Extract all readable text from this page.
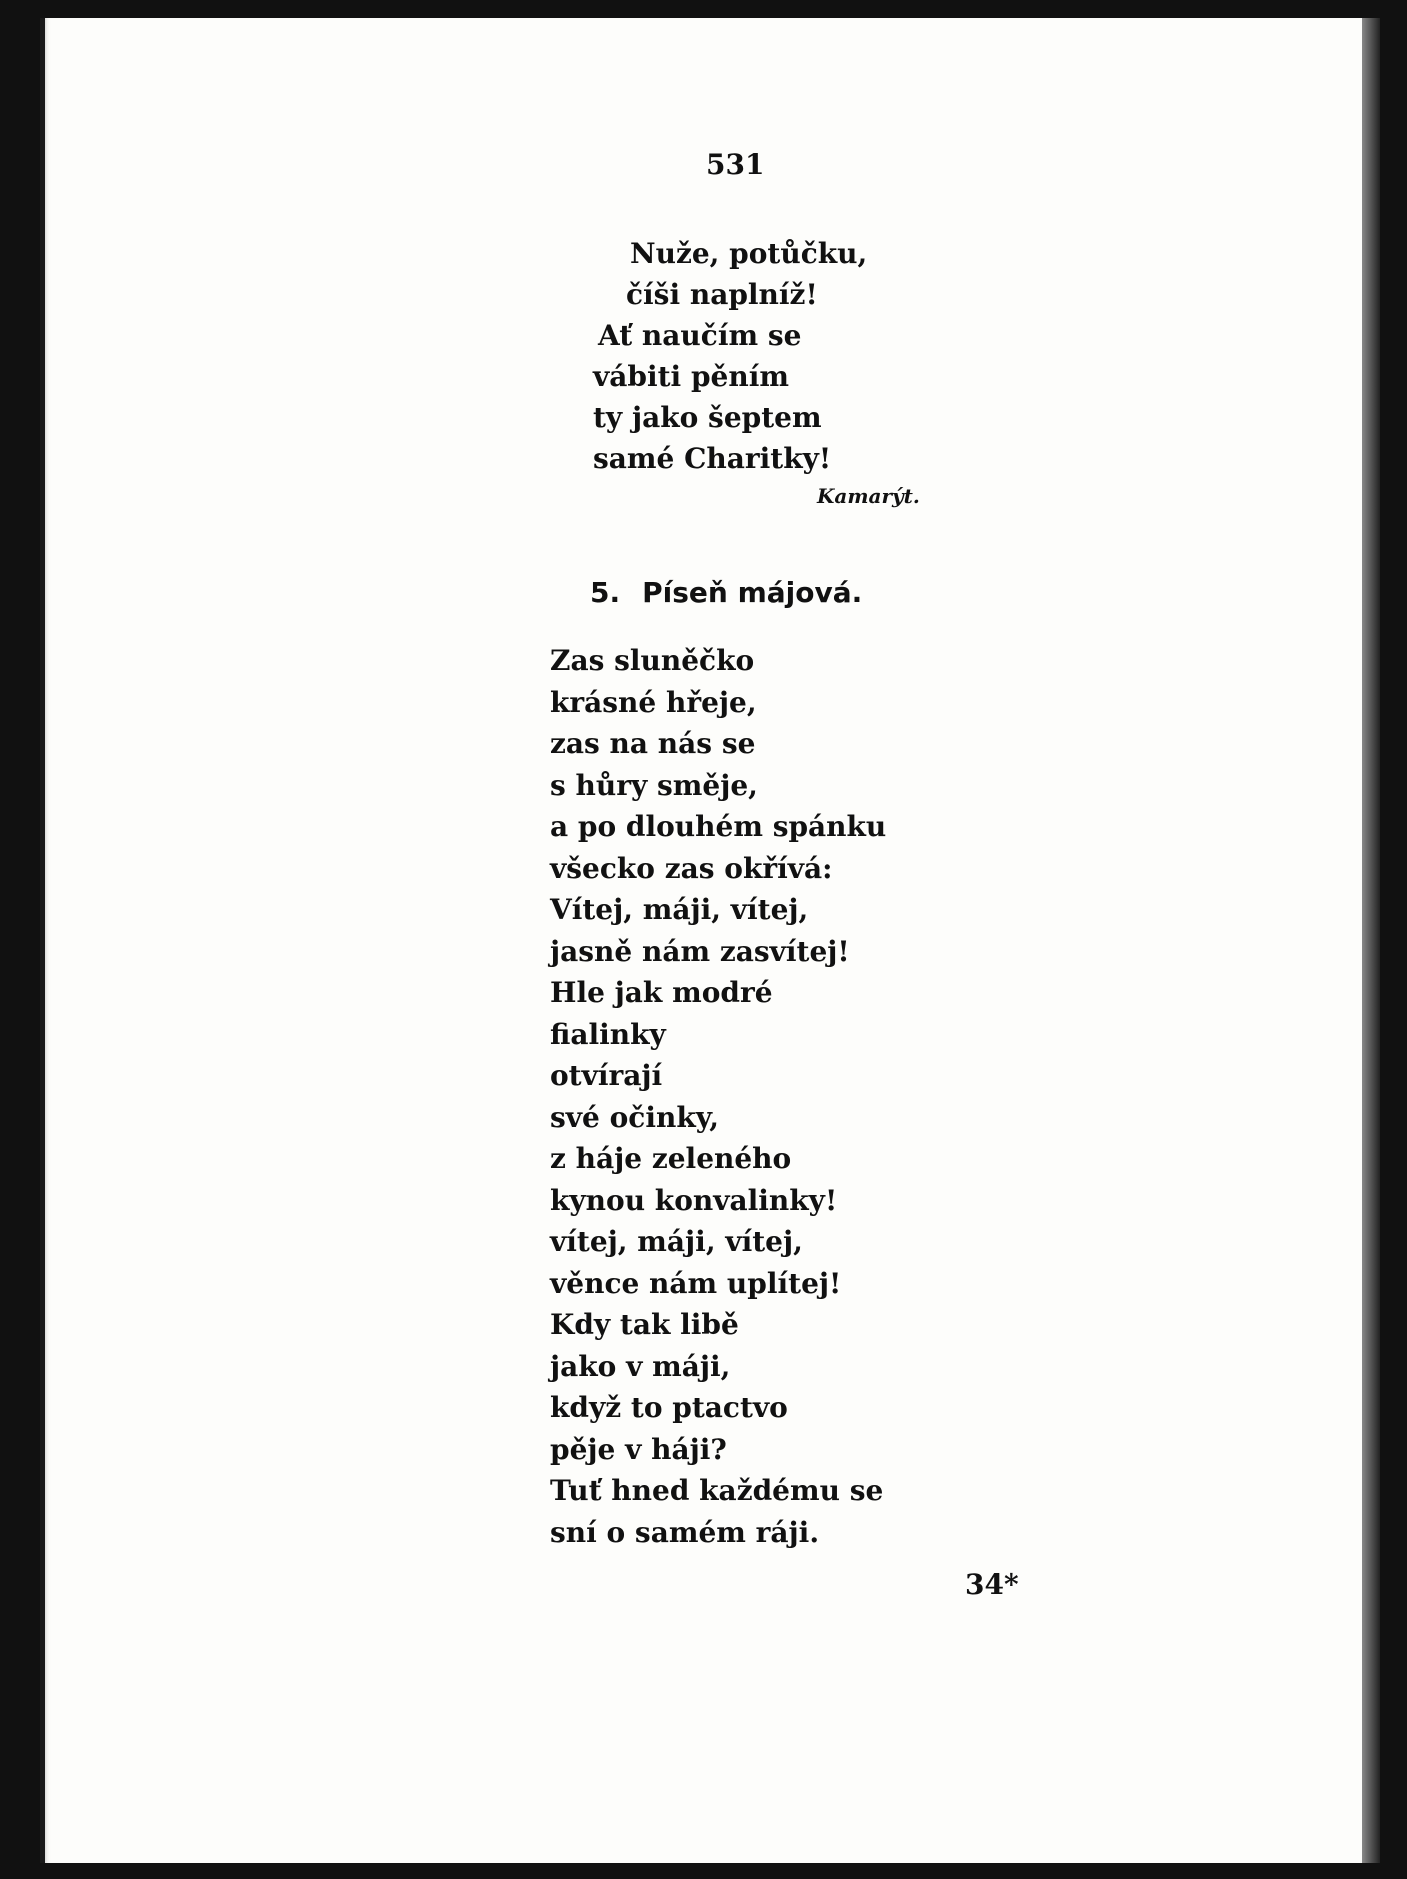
531
Nuže, potůčku,
číši naplníž!
Ať naučím se
vábiti pěním
ty jako šeptem
samé Charitky!
Kamarýt.
5. Píseň májová.
Zas sluněčko
krásné hřeje,
zas na nás se
s hůry směje,
a po dlouhém spánku
všecko zas okřívá:
Vítej, máji, vítej,
jasně nám zasvítej!
Hle jak modré
fialinky
otvírají
své očinky,
z háje zeleného
kynou konvalinky!
vítej, máji, vítej,
věnce nám uplítej!
Kdy tak libě
jako v máji,
když to ptactvo
pěje v háji?
Tuť hned každému se
sní o samém ráji.
34*
